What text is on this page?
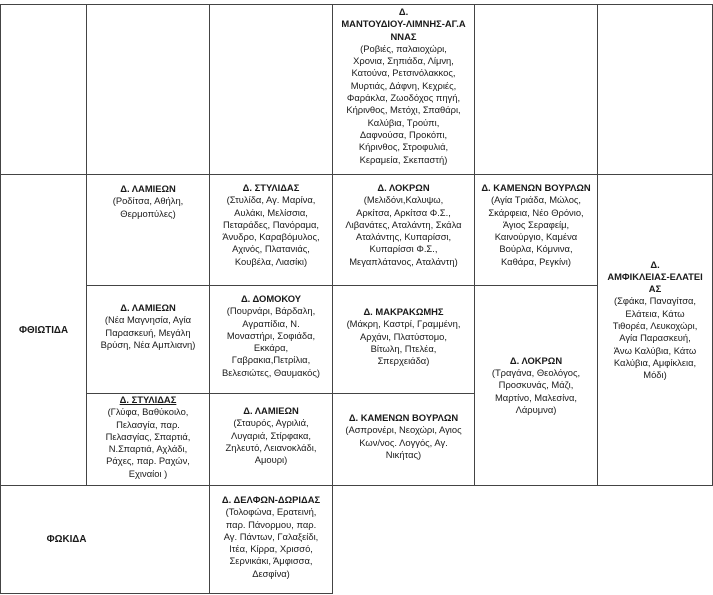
Δ.
ΜΑΝΤΟΥΔΙΟΥ-ΛΙΜΝΗΣ-ΑΓ.Α
ΝΝΑΣ
(Ροβιές, παλαιοχώρι,
Χρονια, Σηπιάδα, Λίμνη,
Κατούνα, Ρετσινόλακκος,
Μυρτιάς, Δάφνη, Κεχριές,
Φαράκλα, Ζωοδόχος πηγή,
Κήρινθος, Μετόχι, Σπαθάρι,
Καλύβια, Τρούπι,
Δαφνούσα, Προκόπι,
Κήρινθος, Στροφυλιά,
Κεραμεία, Σκεπαστή)
ΦΘΙΩΤΙΔΑ
ΦΩΚΙΔΑ
Δ. ΛΑΜΙΕΩΝ
(Ροδίτσα, Αθήλη,
Θερμοπύλες)
Δ. ΣΤΥΛΙΔΑΣ
(Στυλίδα, Αγ. Μαρίνα,
Αυλάκι, Μελίσσια,
Πεταράδες, Πανόραμα,
Άνυδρο, Καραβόμυλος,
Αχινός, Πλατανιάς,
Κουβέλα, Λιασίκι)
Δ. ΛΟΚΡΩΝ
(Μελιδόνι,Καλυψω,
Αρκίτσα, Αρκίτσα Φ.Σ.,
Λιβανάτες, Αταλάντη, Σκάλα
Αταλάντης, Κυπαρίσσι,
Κυπαρίσσι Φ.Σ.,
Μεγαπλάτανος, Αταλάντη)
Δ. ΚΑΜΕΝΩΝ ΒΟΥΡΛΩΝ
(Αγία Τριάδα, Μώλος,
Σκάρφεια, Νέο Θρόνιο,
Άγιος Σεραφείμ,
Καινούργιο, Καμένα
Βούρλα, Κόμνινα,
Καθάρα, Ρεγκίνι)	Δ.
ΑΜΦΙΚΛΕΙΑΣ-ΕΛΑΤΕΙ
ΑΣ
(Σφάκα, Παναγίτσα,
Ελάτεια, Κάτω
Τιθορέα, Λευκοχώρι,
Αγία Παρασκευή,
Άνω Καλύβια, Κάτω
Καλύβια, Αμφίκλεια,
Μόδι)
Δ. ΛΑΜΙΕΩΝ
(Νέα Μαγνησία, Αγία
Παρασκευή, Μεγάλη
Βρύση, Νέα Αμπλιανη)
Δ. ΔΟΜΟΚΟΥ
(Πουρνάρι, Βάρδαλη,
Αγραπίδια, Ν.
Μοναστήρι, Σοφιάδα,
Εκκάρα,
Γαβρακια,Πετρίλια,
Βελεσιώτες, Θαυμακός)
Δ. ΜΑΚΡΑΚΩΜΗΣ
(Μάκρη, Καστρί, Γραμμένη,
Αρχάνι, Πλατύστομο,
Βίτωλη, Πτελέα,
Σπερχειάδα)	Δ. ΛΟΚΡΩΝ
(Τραγάνα, Θεολόγος,
Προσκυνάς, Μάζι,
Μαρτίνο, Μαλεσίνα,
Λάρυμνα)
Δ. ΣΤΥΛΙΔΑΣ
(Γλύφα, Βαθύκοιλο,
Πελασγία, παρ.
Πελασγίας, Σπαρτιά,
Ν.Σπαρτιά, Αχλάδι,
Ράχες, παρ. Ραχών,
Εχιναίοι )
Δ. ΛΑΜΙΕΩΝ
(Σταυρός, Αγριλιά,
Λυγαριά, Στίρφακα,
Ζηλευτό, Λειανοκλάδι,
Αμουρι)
Δ. ΚΑΜΕΝΩΝ ΒΟΥΡΛΩΝ
(Ασπρονέρι, Νεοχώρι, Αγιος
Κων/νος. Λογγός, Αγ.
Νικήτας)
Δ. ΔΕΛΦΩΝ-ΔΩΡΙΔΑΣ
(Τολοφώνα, Ερατεινή,
παρ. Πάνορμου, παρ.
Αγ. Πάντων, Γαλαξείδι,
Ιτέα, Κίρρα, Χρισσό,
Σερνικάκι, Άμφισσα,
Δεσφίνα)
